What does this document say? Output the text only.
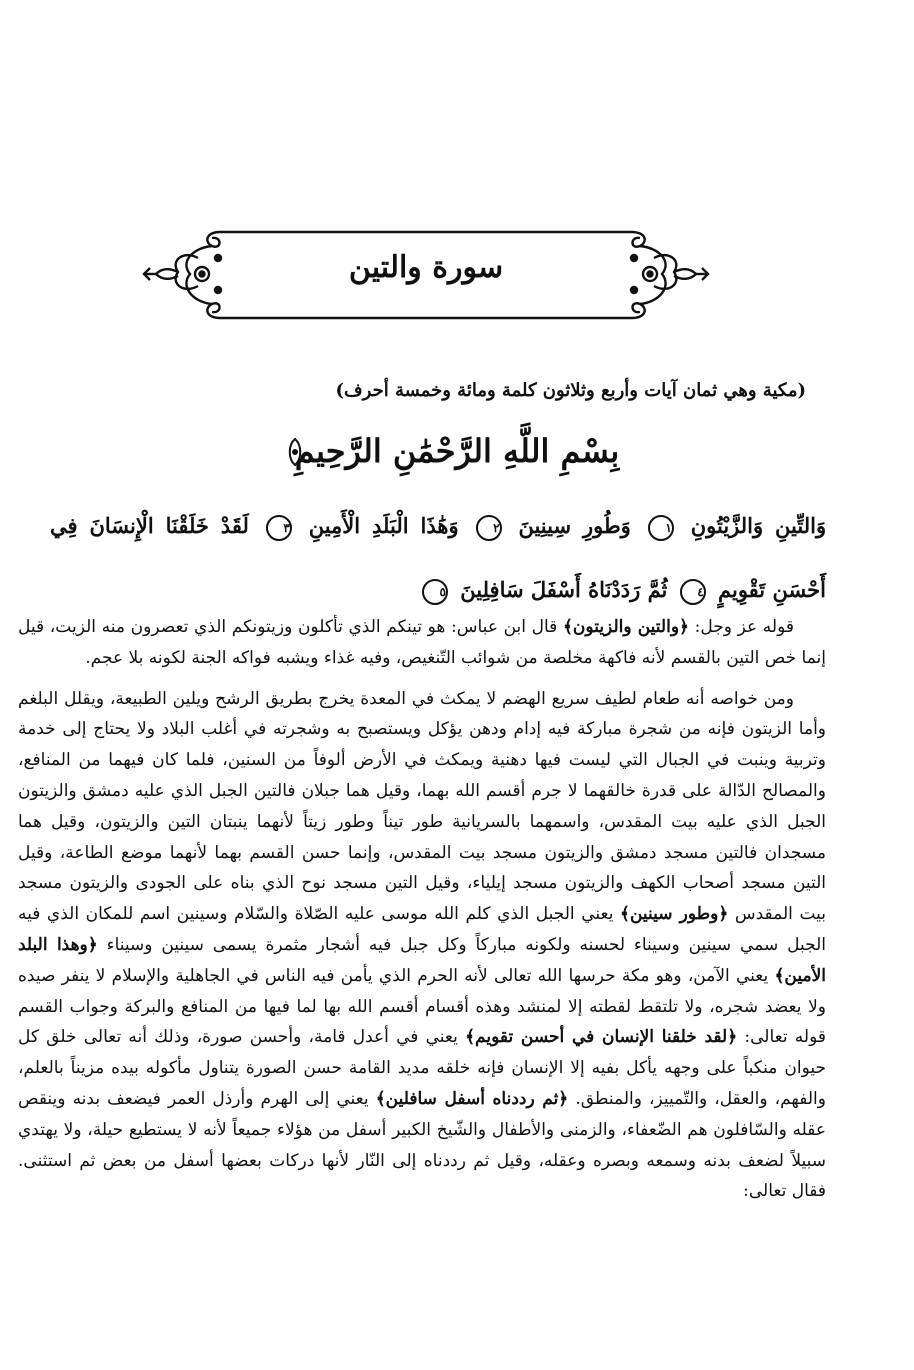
سورة والتين
(مكية وهي ثمان آيات وأربع وثلاثون كلمة ومائة وخمسة أحرف)
بِسْمِ اللَّهِ الرَّحْمَٰنِ الرَّحِيمِ
وَالتِّينِ وَالزَّيْتُونِ ١ وَطُورِ سِينِينَ ٢ وَهَٰذَا الْبَلَدِ الْأَمِينِ ٣ لَقَدْ خَلَقْنَا الْإِنسَانَ فِي أَحْسَنِ تَقْوِيمٍ ٤ ثُمَّ رَدَدْنَاهُ أَسْفَلَ سَافِلِينَ ٥

قوله عز وجل: ﴿والتين والزيتون﴾ قال ابن عباس: هو تينكم الذي تأكلون وزيتونكم الذي تعصرون منه الزيت، قيل إنما خص التين بالقسم لأنه فاكهة مخلصة من شوائب التّنغيص، وفيه غذاء ويشبه فواكه الجنة لكونه بلا عجم.

ومن خواصه أنه طعام لطيف سريع الهضم لا يمكث في المعدة يخرج بطريق الرشح ويلين الطبيعة، ويقلل البلغم وأما الزيتون فإنه من شجرة مباركة فيه إدام ودهن يؤكل ويستصبح به وشجرته في أغلب البلاد ولا يحتاج إلى خدمة وتربية وينبت في الجبال التي ليست فيها دهنية ويمكث في الأرض ألوفاً من السنين، فلما كان فيهما من المنافع، والمصالح الدّالة على قدرة خالقهما لا جرم أقسم الله بهما، وقيل هما جبلان فالتين الجبل الذي عليه دمشق والزيتون الجبل الذي عليه بيت المقدس، واسمهما بالسريانية طور تيناً وطور زيتاً لأنهما ينبتان التين والزيتون، وقيل هما مسجدان فالتين مسجد دمشق والزيتون مسجد بيت المقدس، وإنما حسن القسم بهما لأنهما موضع الطاعة، وقيل التين مسجد أصحاب الكهف والزيتون مسجد إيلياء، وقيل التين مسجد نوح الذي بناه على الجودى والزيتون مسجد بيت المقدس ﴿وطور سينين﴾ يعني الجبل الذي كلم الله موسى عليه الصّلاة والسّلام وسينين اسم للمكان الذي فيه الجبل سمي سينين وسيناء لحسنه ولكونه مباركاً وكل جبل فيه أشجار مثمرة يسمى سينين وسيناء ﴿وهذا البلد الأمين﴾ يعني الآمن، وهو مكة حرسها الله تعالى لأنه الحرم الذي يأمن فيه الناس في الجاهلية والإسلام لا ينفر صيده ولا يعضد شجره، ولا تلتقط لقطته إلا لمنشد وهذه أقسام أقسم الله بها لما فيها من المنافع والبركة وجواب القسم قوله تعالى: ﴿لقد خلقنا الإنسان في أحسن تقويم﴾ يعني في أعدل قامة، وأحسن صورة، وذلك أنه تعالى خلق كل حيوان منكباً على وجهه يأكل بفيه إلا الإنسان فإنه خلقه مديد القامة حسن الصورة يتناول مأكوله بيده مزيناً بالعلم، والفهم، والعقل، والتّمييز، والمنطق. ﴿ثم رددناه أسفل سافلين﴾ يعني إلى الهرم وأرذل العمر فيضعف بدنه وينقص عقله والسّافلون هم الضّعفاء، والزمنى والأطفال والشّيخ الكبير أسفل من هؤلاء جميعاً لأنه لا يستطيع حيلة، ولا يهتدي سبيلاً لضعف بدنه وسمعه وبصره وعقله، وقيل ثم رددناه إلى النّار لأنها دركات بعضها أسفل من بعض ثم استثنى. فقال تعالى:
